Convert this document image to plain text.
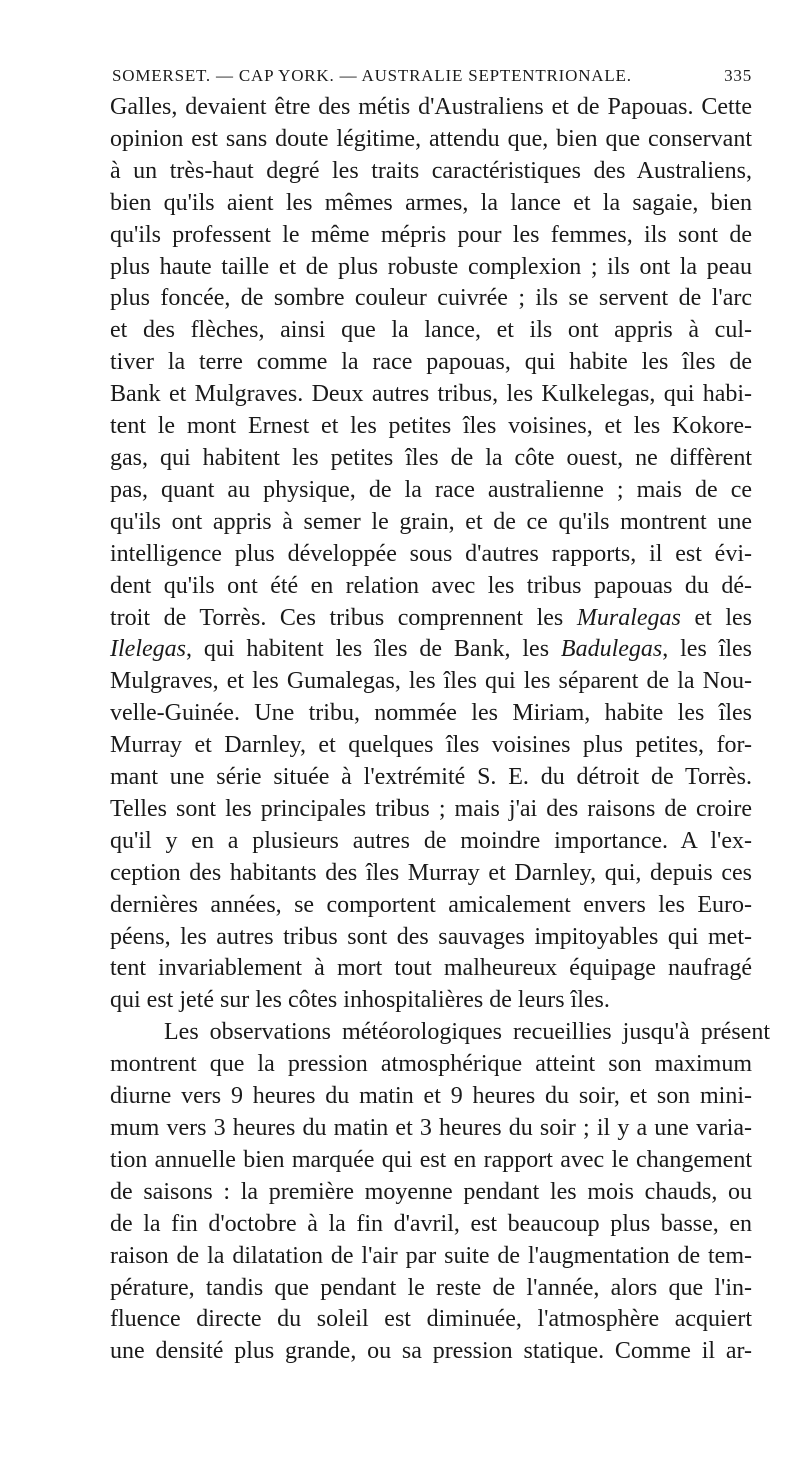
SOMERSET. — CAP YORK. — AUSTRALIE SEPTENTRIONALE.	335
Galles, devaient être des métis d'Australiens et de Papouas. Cette
opinion est sans doute légitime, attendu que, bien que conservant
à un très-haut degré les traits caractéristiques des Australiens,
bien qu'ils aient les mêmes armes, la lance et la sagaie, bien
qu'ils professent le même mépris pour les femmes, ils sont de
plus haute taille et de plus robuste complexion ; ils ont la peau
plus foncée, de sombre couleur cuivrée ; ils se servent de l'arc
et des flèches, ainsi que la lance, et ils ont appris à cul-
tiver la terre comme la race papouas, qui habite les îles de
Bank et Mulgraves. Deux autres tribus, les Kulkelegas, qui habi-
tent le mont Ernest et les petites îles voisines, et les Kokore-
gas, qui habitent les petites îles de la côte ouest, ne diffèrent
pas, quant au physique, de la race australienne ; mais de ce
qu'ils ont appris à semer le grain, et de ce qu'ils montrent une
intelligence plus développée sous d'autres rapports, il est évi-
dent qu'ils ont été en relation avec les tribus papouas du dé-
troit de Torrès. Ces tribus comprennent les Muralegas et les
Ilelegas, qui habitent les îles de Bank, les Badulegas, les îles
Mulgraves, et les Gumalegas, les îles qui les séparent de la Nou-
velle-Guinée. Une tribu, nommée les Miriam, habite les îles
Murray et Darnley, et quelques îles voisines plus petites, for-
mant une série située à l'extrémité S. E. du détroit de Torrès.
Telles sont les principales tribus ; mais j'ai des raisons de croire
qu'il y en a plusieurs autres de moindre importance. A l'ex-
ception des habitants des îles Murray et Darnley, qui, depuis ces
dernières années, se comportent amicalement envers les Euro-
péens, les autres tribus sont des sauvages impitoyables qui met-
tent invariablement à mort tout malheureux équipage naufragé
qui est jeté sur les côtes inhospitalières de leurs îles.
Les observations météorologiques recueillies jusqu'à présent
montrent que la pression atmosphérique atteint son maximum
diurne vers 9 heures du matin et 9 heures du soir, et son mini-
mum vers 3 heures du matin et 3 heures du soir ; il y a une varia-
tion annuelle bien marquée qui est en rapport avec le changement
de saisons : la première moyenne pendant les mois chauds, ou
de la fin d'octobre à la fin d'avril, est beaucoup plus basse, en
raison de la dilatation de l'air par suite de l'augmentation de tem-
pérature, tandis que pendant le reste de l'année, alors que l'in-
fluence directe du soleil est diminuée, l'atmosphère acquiert
une densité plus grande, ou sa pression statique. Comme il ar-
